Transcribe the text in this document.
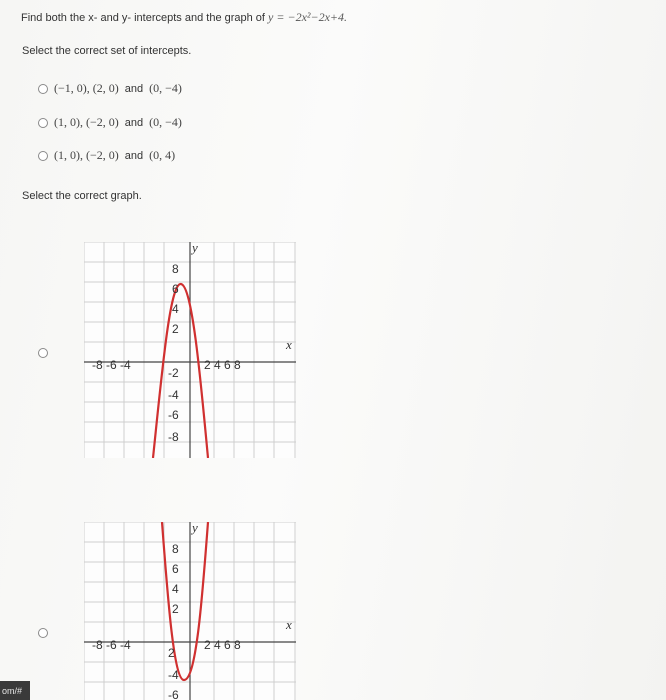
Find both the x- and y- intercepts and the graph of y = −2x²−2x+4.
Select the correct set of intercepts.
(−1, 0), (2, 0) and (0, −4)
(1, 0), (−2, 0) and (0, −4)
(1, 0), (−2, 0) and (0, 4)
Select the correct graph.
y
x
8
6
4
2
-2
-4
-6
-8
-8 -6 -4	2 4 6 8
y
x
8
6
4
2
2
-4
-6
-8 -6 -4	2 4 6 8
om/#
